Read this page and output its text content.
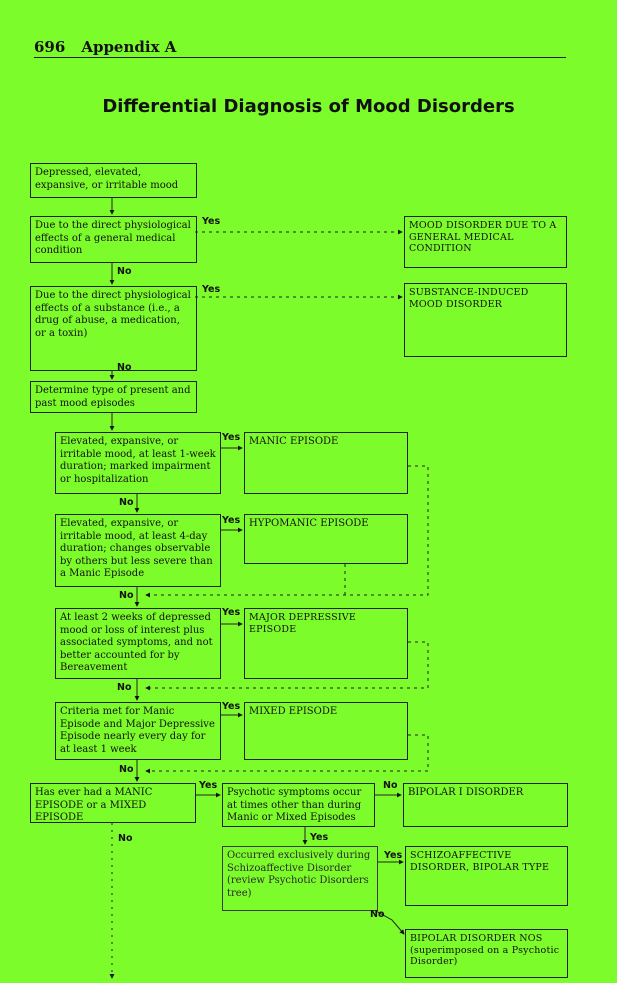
696 Appendix A
Differential Diagnosis of Mood Disorders
Depressed, elevated, expansive, or irritable mood
Due to the direct physiological effects of a general medical condition
Due to the direct physiological effects of a substance (i.e., a drug of abuse, a medication, or a toxin)
Determine type of present and past mood episodes
Elevated, expansive, or irritable mood, at least 1-week duration; marked impairment or hospitalization
Elevated, expansive, or irritable mood, at least 4-day duration; changes observable by others but less severe than a Manic Episode
At least 2 weeks of depressed mood or loss of interest plus associated symptoms, and not better accounted for by Bereavement
Criteria met for Manic Episode and Major Depressive Episode nearly every day for at least 1 week
Has ever had a MANIC EPISODE or a MIXED EPISODE
Psychotic symptoms occur at times other than during Manic or Mixed Episodes
Occurred exclusively during Schizoaffective Disorder (review Psychotic Disorders tree)
MOOD DISORDER DUE TO A GENERAL MEDICAL CONDITION
SUBSTANCE-INDUCED MOOD DISORDER
MANIC EPISODE
HYPOMANIC EPISODE
MAJOR DEPRESSIVE EPISODE
MIXED EPISODE
BIPOLAR I DISORDER
SCHIZOAFFECTIVE DISORDER, BIPOLAR TYPE
BIPOLAR DISORDER NOS
(superimposed on a Psychotic Disorder)
Yes
No
Yes
No
Yes
No
Yes
No
Yes
No
Yes
No
Yes	No
No	Yes
Yes
No
